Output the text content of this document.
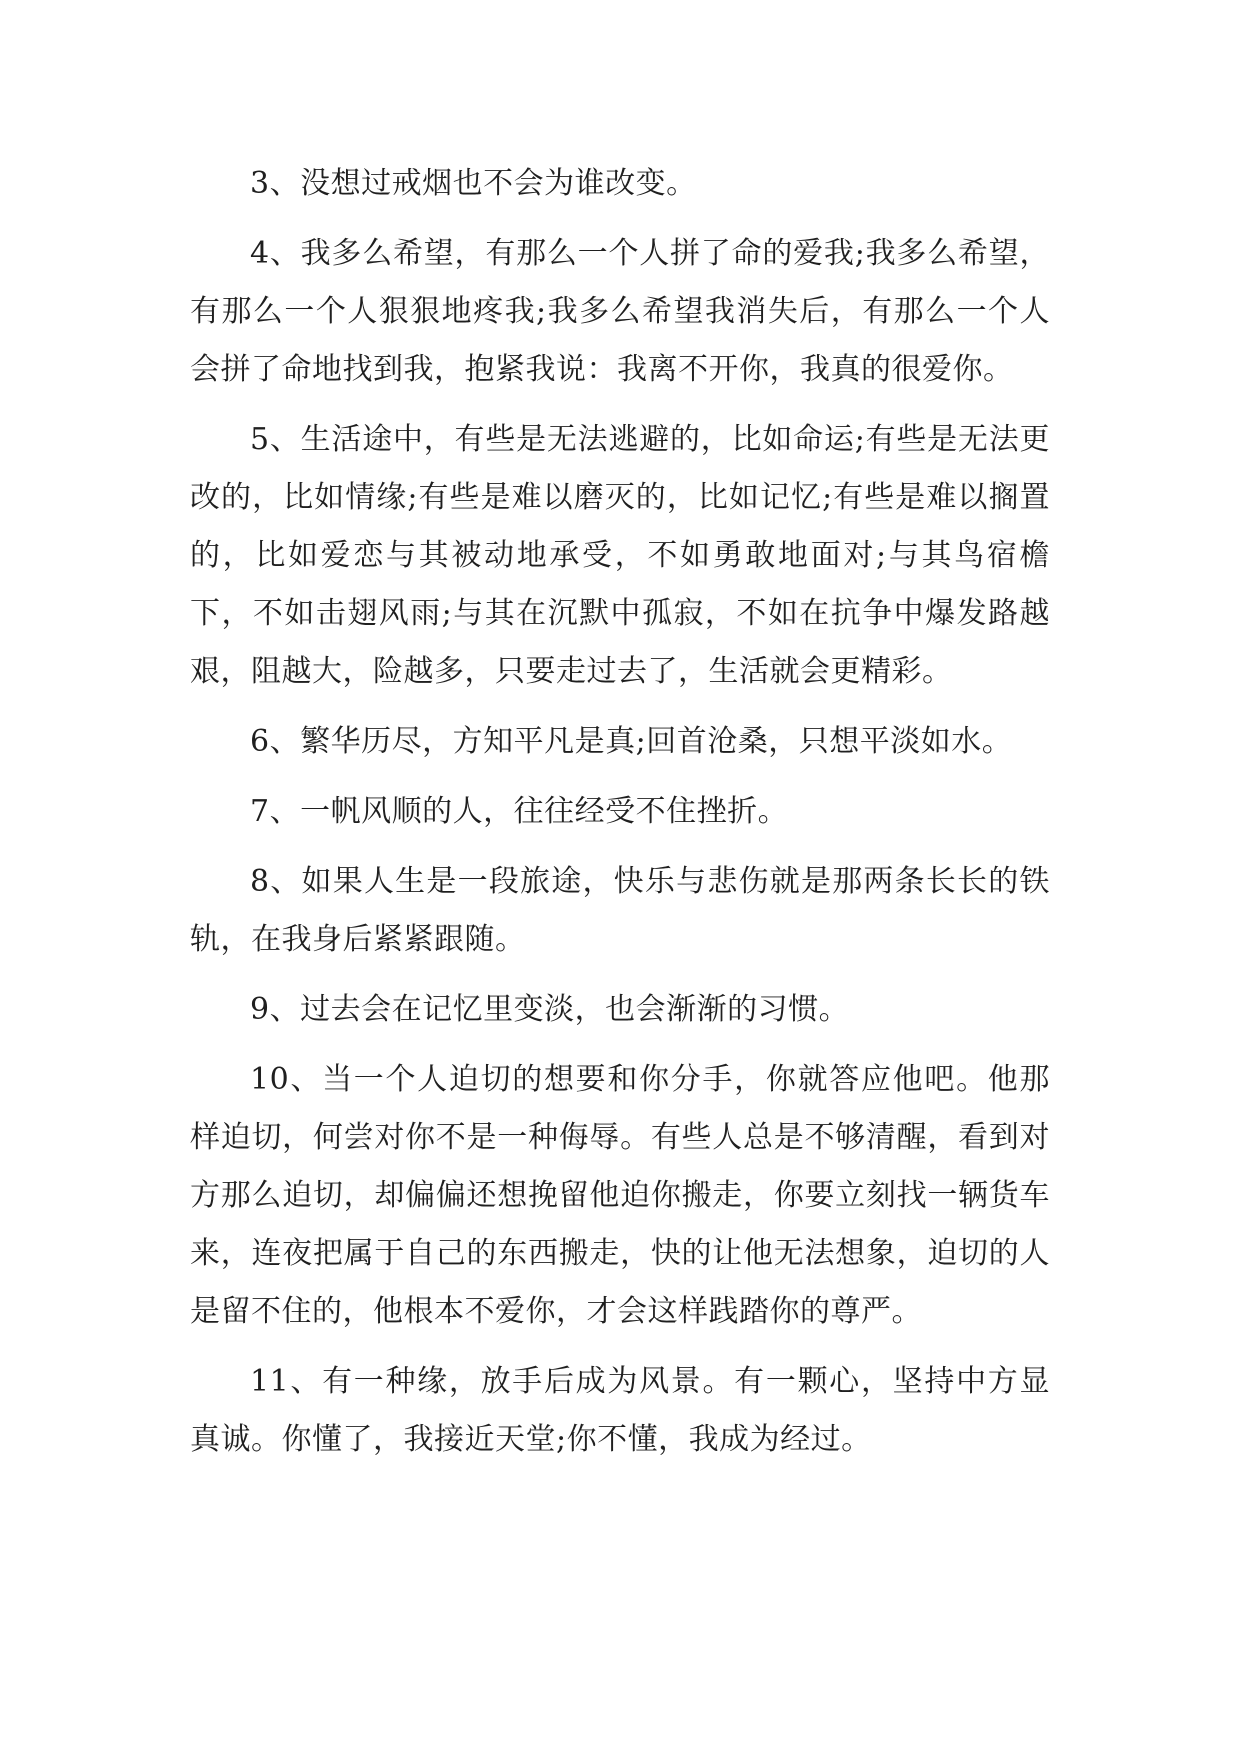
3、没想过戒烟也不会为谁改变。

4、我多么希望，有那么一个人拼了命的爱我;我多么希望，有那么一个人狠狠地疼我;我多么希望我消失后，有那么一个人会拼了命地找到我，抱紧我说：我离不开你，我真的很爱你。

5、生活途中，有些是无法逃避的，比如命运;有些是无法更改的，比如情缘;有些是难以磨灭的，比如记忆;有些是难以搁置的，比如爱恋与其被动地承受，不如勇敢地面对;与其鸟宿檐下，不如击翅风雨;与其在沉默中孤寂，不如在抗争中爆发路越艰，阻越大，险越多，只要走过去了，生活就会更精彩。

6、繁华历尽，方知平凡是真;回首沧桑，只想平淡如水。

7、一帆风顺的人，往往经受不住挫折。

8、如果人生是一段旅途，快乐与悲伤就是那两条长长的铁轨，在我身后紧紧跟随。

9、过去会在记忆里变淡，也会渐渐的习惯。

10、当一个人迫切的想要和你分手，你就答应他吧。他那样迫切，何尝对你不是一种侮辱。有些人总是不够清醒，看到对方那么迫切，却偏偏还想挽留他迫你搬走，你要立刻找一辆货车来，连夜把属于自己的东西搬走，快的让他无法想象，迫切的人是留不住的，他根本不爱你，才会这样践踏你的尊严。

11、有一种缘，放手后成为风景。有一颗心，坚持中方显真诚。你懂了，我接近天堂;你不懂，我成为经过。
